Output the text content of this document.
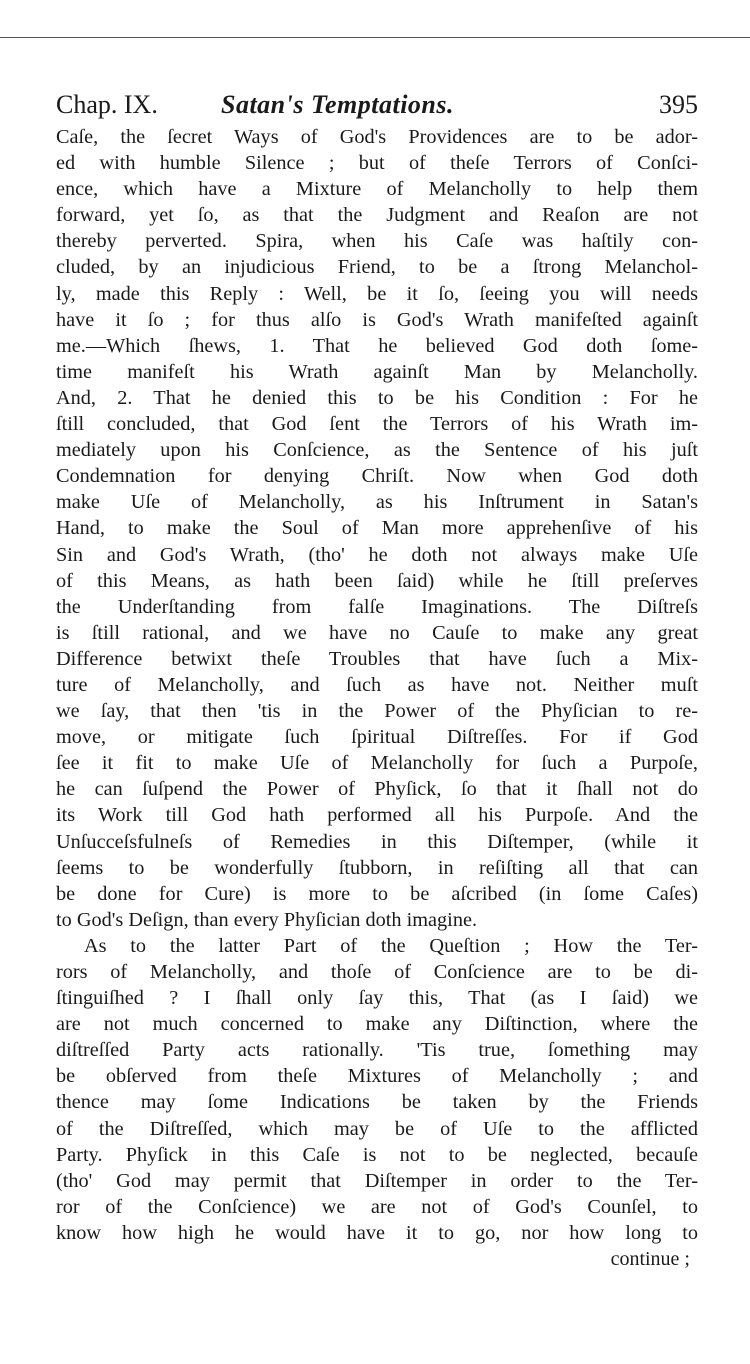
Chap. IX. Satan's Temptations.	395
Caſe, the ſecret Ways of God's Providences are to be ador-
ed with humble Silence ; but of theſe Terrors of Conſci-
ence, which have a Mixture of Melancholly to help them
forward, yet ſo, as that the Judgment and Reaſon are not
thereby perverted. Spira, when his Caſe was haſtily con-
cluded, by an injudicious Friend, to be a ſtrong Melanchol-
ly, made this Reply : Well, be it ſo, ſeeing you will needs
have it ſo ; for thus alſo is God's Wrath manifeſted againſt
me.—Which ſhews, 1. That he believed God doth ſome-
time manifeſt his Wrath againſt Man by Melancholly.
And, 2. That he denied this to be his Condition : For he
ſtill concluded, that God ſent the Terrors of his Wrath im-
mediately upon his Conſcience, as the Sentence of his juſt
Condemnation for denying Chriſt. Now when God doth
make Uſe of Melancholly, as his Inſtrument in Satan's
Hand, to make the Soul of Man more apprehenſive of his
Sin and God's Wrath, (tho' he doth not always make Uſe
of this Means, as hath been ſaid) while he ſtill preſerves
the Underſtanding from falſe Imaginations. The Diſtreſs
is ſtill rational, and we have no Cauſe to make any great
Difference betwixt theſe Troubles that have ſuch a Mix-
ture of Melancholly, and ſuch as have not. Neither muſt
we ſay, that then 'tis in the Power of the Phyſician to re-
move, or mitigate ſuch ſpiritual Diſtreſſes. For if God
ſee it fit to make Uſe of Melancholly for ſuch a Purpoſe,
he can ſuſpend the Power of Phyſick, ſo that it ſhall not do
its Work till God hath performed all his Purpoſe. And the
Unſucceſsfulneſs of Remedies in this Diſtemper, (while it
ſeems to be wonderfully ſtubborn, in reſiſting all that can
be done for Cure) is more to be aſcribed (in ſome Caſes)
to God's Deſign, than every Phyſician doth imagine.
As to the latter Part of the Queſtion ; How the Ter-
rors of Melancholly, and thoſe of Conſcience are to be di-
ſtinguiſhed ? I ſhall only ſay this, That (as I ſaid) we
are not much concerned to make any Diſtinction, where the
diſtreſſed Party acts rationally. 'Tis true, ſomething may
be obſerved from theſe Mixtures of Melancholly ; and
thence may ſome Indications be taken by the Friends
of the Diſtreſſed, which may be of Uſe to the afflicted
Party. Phyſick in this Caſe is not to be neglected, becauſe
(tho' God may permit that Diſtemper in order to the Ter-
ror of the Conſcience) we are not of God's Counſel, to
know how high he would have it to go, nor how long to
continue ;
